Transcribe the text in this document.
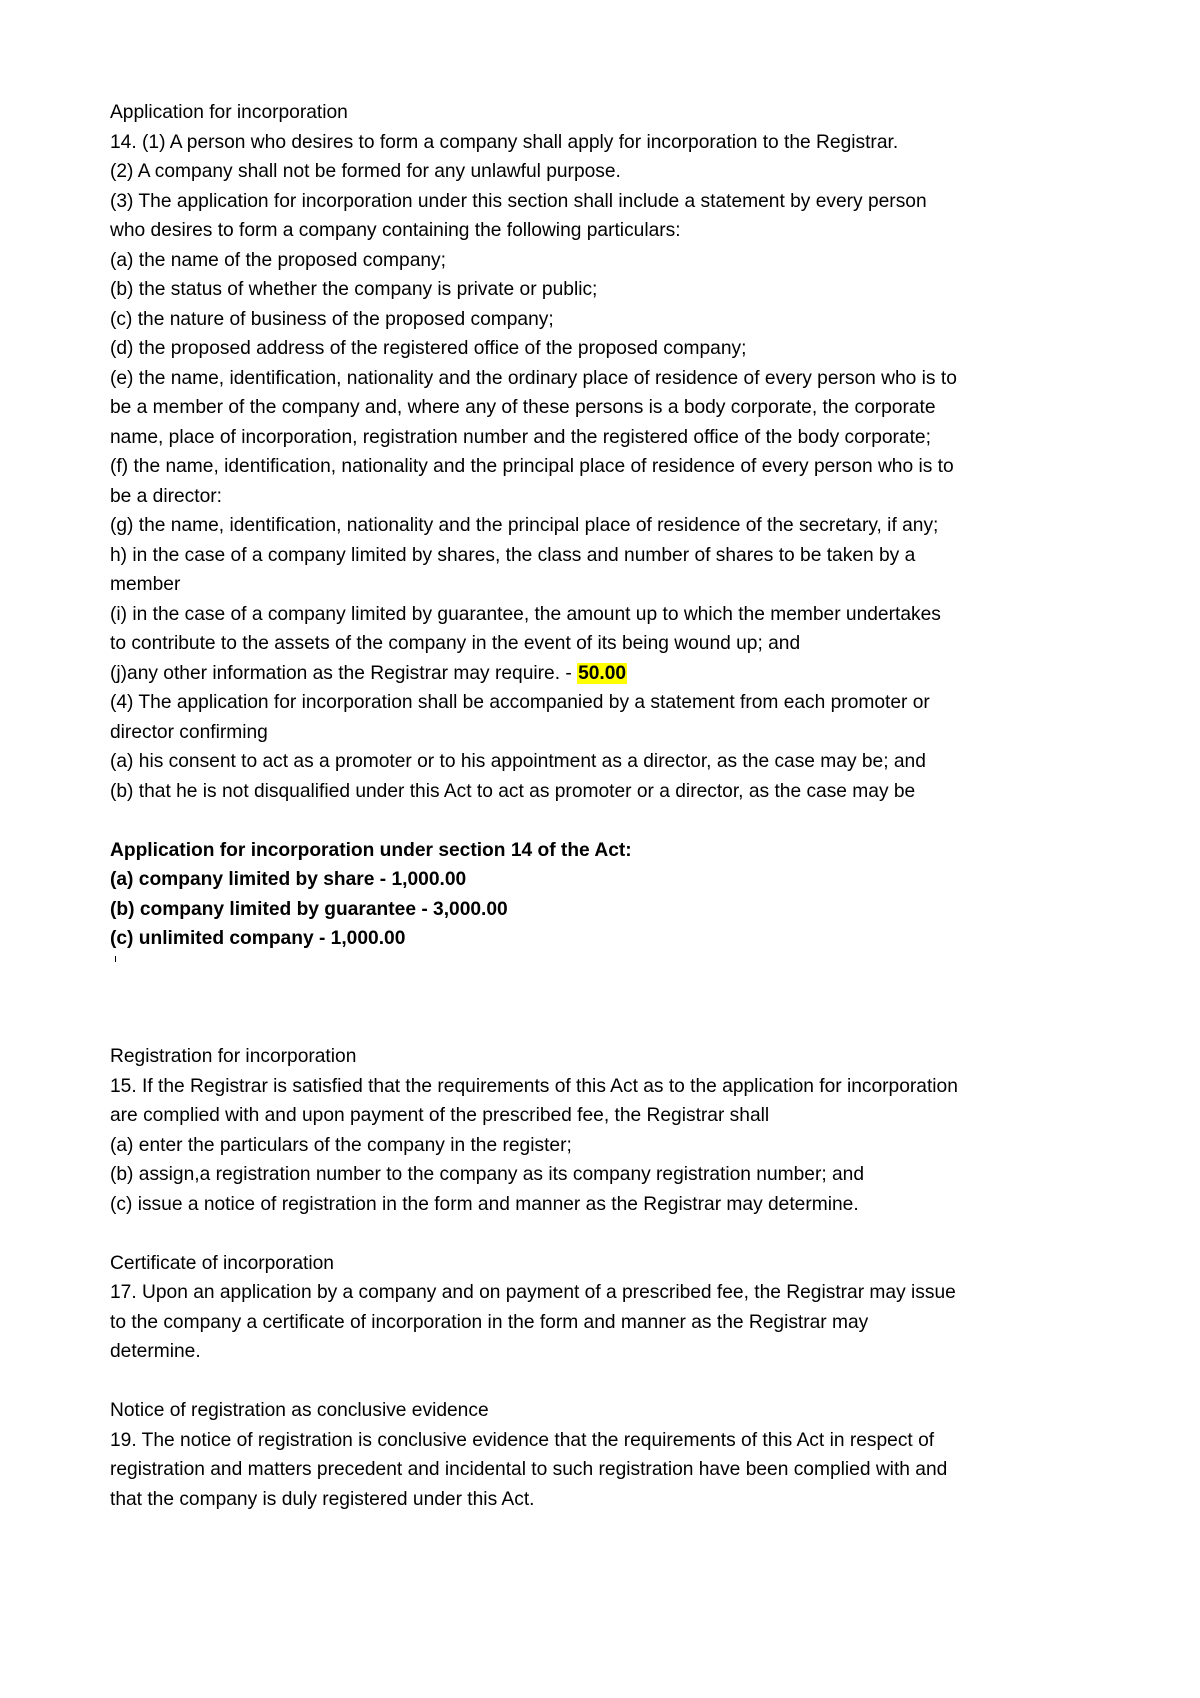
Application for incorporation

14. (1) A person who desires to form a company shall apply for incorporation to the Registrar.

(2) A company shall not be formed for any unlawful purpose.

(3) The application for incorporation under this section shall include a statement by every person

who desires to form a company containing the following particulars:

(a) the name of the proposed company;

(b) the status of whether the company is private or public;

(c) the nature of business of the proposed company;

(d) the proposed address of the registered office of the proposed company;

(e) the name, identification, nationality and the ordinary place of residence of every person who is to

be a member of the company and, where any of these persons is a body corporate, the corporate

name, place of incorporation, registration number and the registered office of the body corporate;

(f) the name, identification, nationality and the principal place of residence of every person who is to

be a director:

(g) the name, identification, nationality and the principal place of residence of the secretary, if any;

h) in the case of a company limited by shares, the class and number of shares to be taken by a

member

(i) in the case of a company limited by guarantee, the amount up to which the member undertakes

to contribute to the assets of the company in the event of its being wound up; and

(j)any other information as the Registrar may require. - 50.00

(4) The application for incorporation shall be accompanied by a statement from each promoter or

director confirming

(a) his consent to act as a promoter or to his appointment as a director, as the case may be; and

(b) that he is not disqualified under this Act to act as promoter or a director, as the case may be

Application for incorporation under section 14 of the Act:

(a) company limited by share - 1,000.00

(b) company limited by guarantee - 3,000.00

(c) unlimited company - 1,000.00

Registration for incorporation

15. If the Registrar is satisfied that the requirements of this Act as to the application for incorporation

are complied with and upon payment of the prescribed fee, the Registrar shall

(a) enter the particulars of the company in the register;

(b) assign,a registration number to the company as its company registration number; and

(c) issue a notice of registration in the form and manner as the Registrar may determine.

Certificate of incorporation

17. Upon an application by a company and on payment of a prescribed fee, the Registrar may issue

to the company a certificate of incorporation in the form and manner as the Registrar may

determine.

Notice of registration as conclusive evidence

19. The notice of registration is conclusive evidence that the requirements of this Act in respect of

registration and matters precedent and incidental to such registration have been complied with and

that the company is duly registered under this Act.
